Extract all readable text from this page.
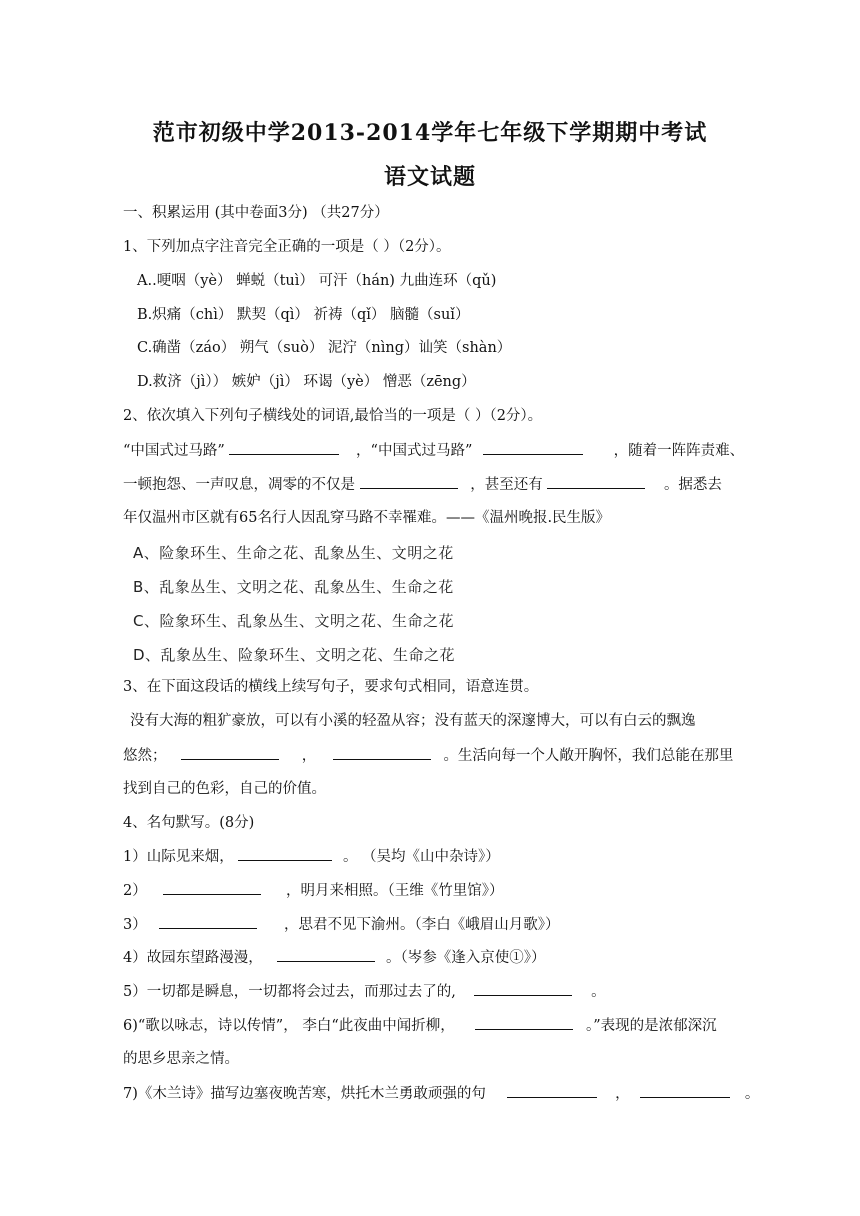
范市初级中学2013-2014学年七年级下学期期中考试
语文试题
一、积累运用 (其中卷面3分) （共27分）
1、下列加点字注音完全正确的一项是（ ）（2分）。
A..哽咽（yè） 蝉蜕（tuì） 可汗（hán) 九曲连环（qǔ)
B.炽痛（chì） 默契（qì） 祈祷（qǐ） 脑髓（suǐ）
C.确凿（záo） 朔气（suò） 泥泞（nìng）讪笑（shàn）
D.救济（jì）） 嫉妒（jì） 环谒（yè） 憎恶（zēng）
2、依次填入下列句子横线处的词语,最恰当的一项是（ ）（2分）。
“中国式过马路”	，“中国式过马路”	，随着一阵阵责难、
一顿抱怨、一声叹息，凋零的不仅是	，甚至还有	。据悉去
年仅温州市区就有65名行人因乱穿马路不幸罹难。——《温州晚报.民生版》
A、险象环生、生命之花、乱象丛生、文明之花
B、乱象丛生、文明之花、乱象丛生、生命之花
C、险象环生、乱象丛生、文明之花、生命之花
D、乱象丛生、险象环生、文明之花、生命之花
3、在下面这段话的横线上续写句子，要求句式相同，语意连贯。
没有大海的粗犷豪放，可以有小溪的轻盈从容；没有蓝天的深邃博大，可以有白云的飘逸
悠然；	，	。生活向每一个人敞开胸怀，我们总能在那里
找到自己的色彩，自己的价值。
4、名句默写。(8分)
1）山际见来烟，	。 （吴均《山中杂诗》）
2）	，明月来相照。（王维《竹里馆》）
3）	，思君不见下渝州。（李白《峨眉山月歌》）
4）故园东望路漫漫，	。（岑参《逢入京使①》）
5）一切都是瞬息，一切都将会过去，而那过去了的,	。
6)“歌以咏志，诗以传情”， 李白“此夜曲中闻折柳，	。”表现的是浓郁深沉
的思乡思亲之情。
7)《木兰诗》描写边塞夜晚苦寒，烘托木兰勇敢顽强的句	，	。
